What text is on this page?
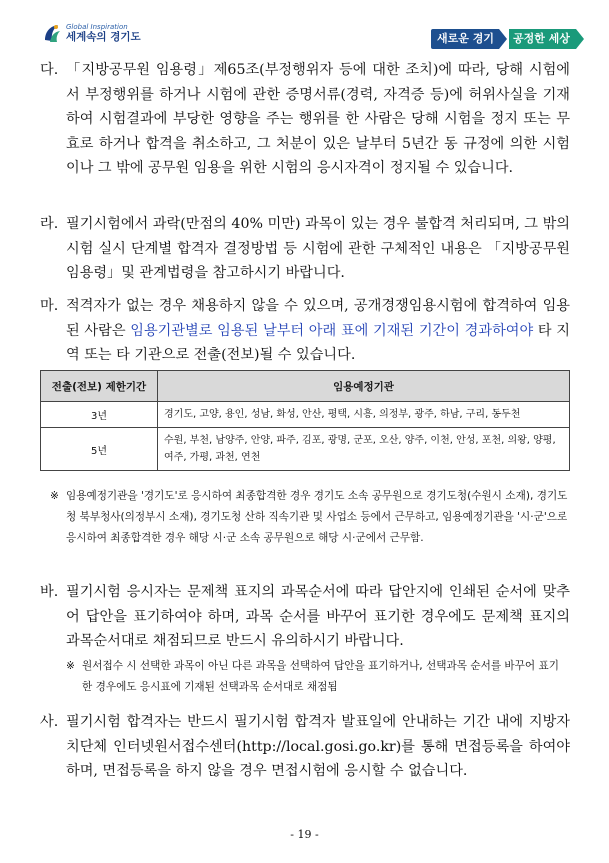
Global Inspiration
세계속의 경기도	새로운 경기	공정한 세상
다. 「지방공무원 임용령」제65조(부정행위자 등에 대한 조치)에 따라, 당해 시험에서 부정행위를 하거나 시험에 관한 증명서류(경력, 자격증 등)에 허위사실을 기재하여 시험결과에 부당한 영향을 주는 행위를 한 사람은 당해 시험을 정지 또는 무효로 하거나 합격을 취소하고, 그 처분이 있은 날부터 5년간 동 규정에 의한 시험이나 그 밖에 공무원 임용을 위한 시험의 응시자격이 정지될 수 있습니다.
라. 필기시험에서 과락(만점의 40% 미만) 과목이 있는 경우 불합격 처리되며, 그 밖의 시험 실시 단계별 합격자 결정방법 등 시험에 관한 구체적인 내용은 「지방공무원 임용령」및 관계법령을 참고하시기 바랍니다.
마. 적격자가 없는 경우 채용하지 않을 수 있으며, 공개경쟁임용시험에 합격하여 임용된 사람은 임용기관별로 임용된 날부터 아래 표에 기재된 기간이 경과하여야 타 지역 또는 타 기관으로 전출(전보)될 수 있습니다.
전출(전보) 제한기간	임용예정기관
3년	경기도, 고양, 용인, 성남, 화성, 안산, 평택, 시흥, 의정부, 광주, 하남, 구리, 동두천
5년	수원, 부천, 남양주, 안양, 파주, 김포, 광명, 군포, 오산, 양주, 이천, 안성, 포천, 의왕, 양평, 여주, 가평, 과천, 연천
※ 임용예정기관을 '경기도'로 응시하여 최종합격한 경우 경기도 소속 공무원으로 경기도청(수원시 소재), 경기도청 북부청사(의정부시 소재), 경기도청 산하 직속기관 및 사업소 등에서 근무하고, 임용예정기관을 '시·군'으로 응시하여 최종합격한 경우 해당 시·군 소속 공무원으로 해당 시·군에서 근무함.
바. 필기시험 응시자는 문제책 표지의 과목순서에 따라 답안지에 인쇄된 순서에 맞추어 답안을 표기하여야 하며, 과목 순서를 바꾸어 표기한 경우에도 문제책 표지의 과목순서대로 채점되므로 반드시 유의하시기 바랍니다.
※ 원서접수 시 선택한 과목이 아닌 다른 과목을 선택하여 답안을 표기하거나, 선택과목 순서를 바꾸어 표기한 경우에도 응시표에 기재된 선택과목 순서대로 채점됨
사. 필기시험 합격자는 반드시 필기시험 합격자 발표일에 안내하는 기간 내에 지방자치단체 인터넷원서접수센터(http://local.gosi.go.kr)를 통해 면접등록을 하여야 하며, 면접등록을 하지 않을 경우 면접시험에 응시할 수 없습니다.
- 19 -
